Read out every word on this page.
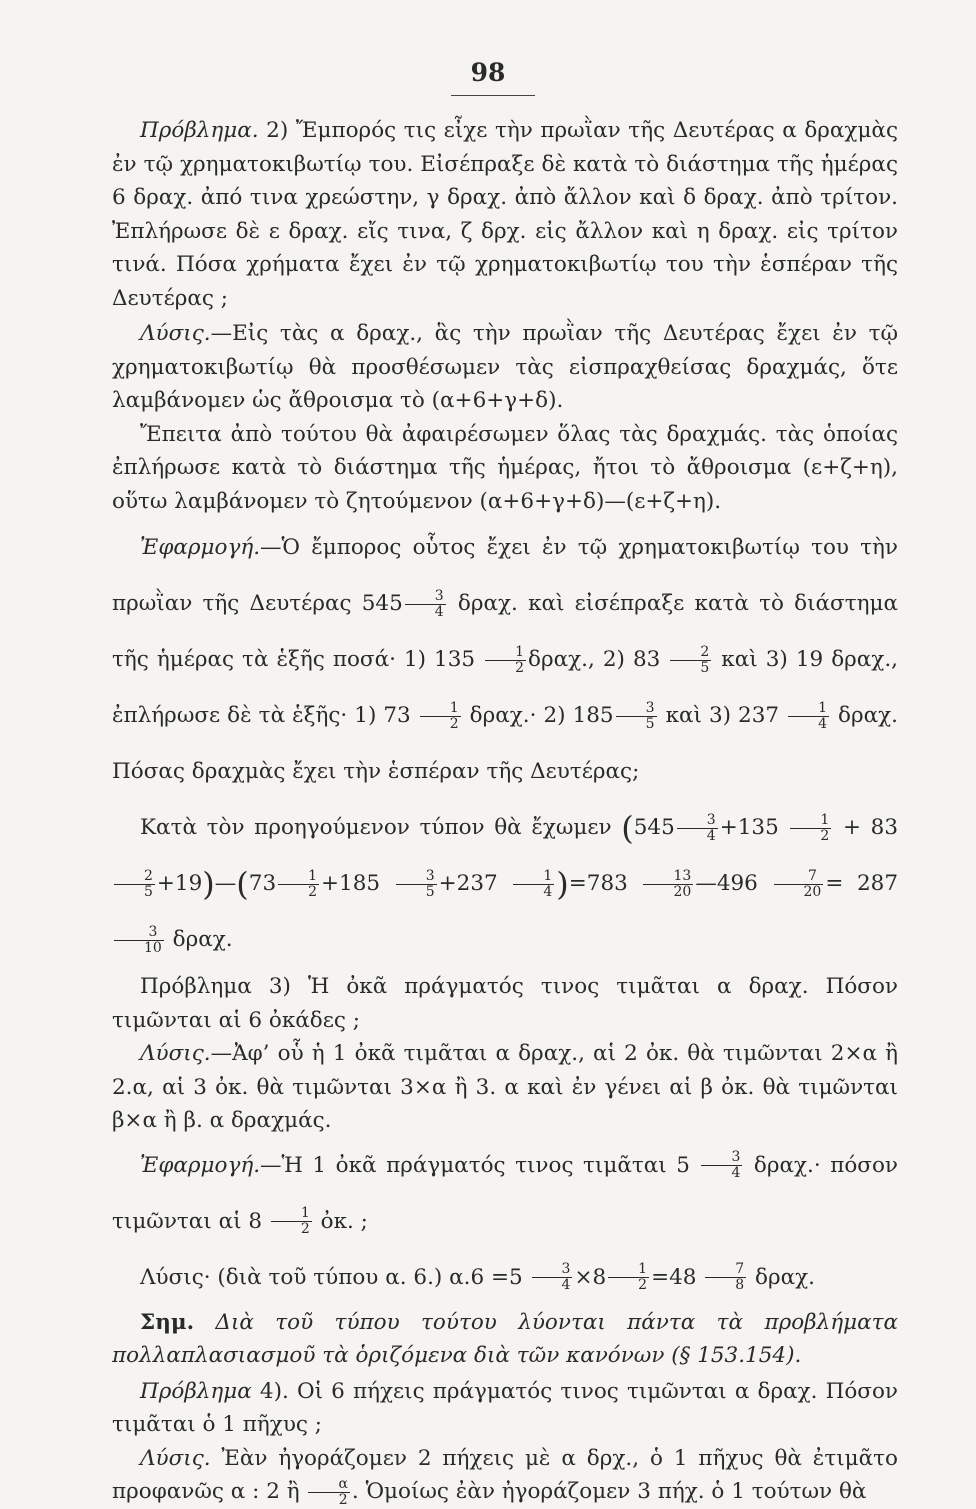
98

Πρόβλημα. 2) Ἔμπορός τις εἶχε τὴν πρωῒαν τῆς Δευτέρας α δραχμὰς ἐν τῷ χρηματοκιβωτίῳ του. Εἰσέπραξε δὲ κατὰ τὸ διάστημα τῆς ἡμέρας 6 δραχ. ἀπό τινα χρεώστην, γ δραχ. ἀπὸ ἄλλον καὶ δ δραχ. ἀπὸ τρίτον. Ἐπλήρωσε δὲ ε δραχ. εἴς τινα, ζ δρχ. εἰς ἄλλον καὶ η δραχ. εἰς τρίτον τινά. Πόσα χρήματα ἔχει ἐν τῷ χρηματοκιβωτίῳ του τὴν ἑσπέραν τῆς Δευτέρας ;

Λύσις.—Εἰς τὰς α δραχ., ἃς τὴν πρωῒαν τῆς Δευτέρας ἔχει ἐν τῷ χρηματοκιβωτίῳ θὰ προσθέσωμεν τὰς εἰσπραχθείσας δραχμάς, ὅτε λαμβάνομεν ὡς ἄθροισμα τὸ (α+6+γ+δ).

Ἔπειτα ἀπὸ τούτου θὰ ἀφαιρέσωμεν ὅλας τὰς δραχμάς. τὰς ὁποίας ἐπλήρωσε κατὰ τὸ διάστημα τῆς ἡμέρας, ἤτοι τὸ ἄθροισμα (ε+ζ+η), οὕτω λαμβάνομεν τὸ ζητούμενον (α+6+γ+δ)—(ε+ζ+η).

Ἐφαρμογή.—Ὁ ἔμπορος οὗτος ἔχει ἐν τῷ χρηματοκιβωτίῳ του τὴν πρωῒαν τῆς Δευτέρας $545 \frac{3}{4} \delta\rho\alpha\chi$. καὶ εἰσέπραξε κατὰ τὸ διάστημα τῆς ἡμέρας τὰ ἑξῆς ποσά· 1) $135 \frac{1}{2} \delta\rho\alpha\chi$., 2) $83 \frac{2}{5}$ καὶ 3) 19 δραχ., ἐπλήρωσε δὲ τὰ ἑξῆς· 1) $73 \frac{1}{2} \delta\rho\alpha\chi.\cdot 2$) $185 \frac{3}{5}$ καὶ 3) $237 \frac{1}{4} \delta\rho\alpha\chi$. Πόσας δραχμὰς ἔχει τὴν ἑσπέραν τῆς Δευτέρας;

Κατὰ τὸν προηγούμενον τύπον θὰ ἔχωμεν ($545 \frac{3}{4} +135 \frac{1}{2} + 83$
$\frac{2}{5}$ +19)—(73 $\frac{1}{2} +185 \frac{3}{5} +237 \frac{1}{4} )=783 \frac{13}{20}$ —496 $\frac{7}{20} = 287$
$\frac{3}{10} \delta\rho\alpha\chi$.

Πρόβλημα 3) Ἡ ὀκᾶ πράγματός τινος τιμᾶται α δραχ. Πόσον τιμῶνται αἱ 6 ὀκάδες ;

Λύσις.—Ἀφ’ οὗ ἡ 1 ὀκᾶ τιμᾶται α δραχ., αἱ 2 ὀκ. θὰ τιμῶνται 2×α ἢ 2.α, αἱ 3 ὀκ. θὰ τιμῶνται 3×α ἢ 3. α καὶ ἐν γένει αἱ β ὀκ. θὰ τιμῶνται β×α ἢ β. α δραχμάς.

Ἐφαρμογή.—Ἡ 1 ὀκᾶ πράγματός τινος τιμᾶται $5 \frac{3}{4} \delta\rho\alpha\chi.\cdot \pi ό\sigma o\nu$ τιμῶνται αἱ $8 \frac{1}{2}$ ὀκ. ;

Λύσις· (διὰ τοῦ τύπου α. 6.) $\alpha.6 =5 \frac{3}{4} \times 8 \frac{1}{2} =48 \frac{7}{8} \delta\rho\alpha\chi$.

Σημ. Διὰ τοῦ τύπου τούτου λύονται πάντα τὰ προβλήματα πολλαπλασιασμοῦ τὰ ὁριζόμενα διὰ τῶν κανόνων (§ 153.154).

Πρόβλημα 4). Οἱ 6 πήχεις πράγματός τινος τιμῶνται α δραχ. Πόσον τιμᾶται ὁ 1 πῆχυς ;

Λύσις. Ἐὰν ἠγοράζομεν 2 πήχεις μὲ α δρχ., ὁ 1 πῆχυς θὰ ἐτιμᾶτο προφανῶς α : 2 ἢ $\frac{\alpha}{2}$ . Ὁμοίως ἐὰν ἠγοράζομεν 3 πήχ. ὁ 1 τούτων θὰ
